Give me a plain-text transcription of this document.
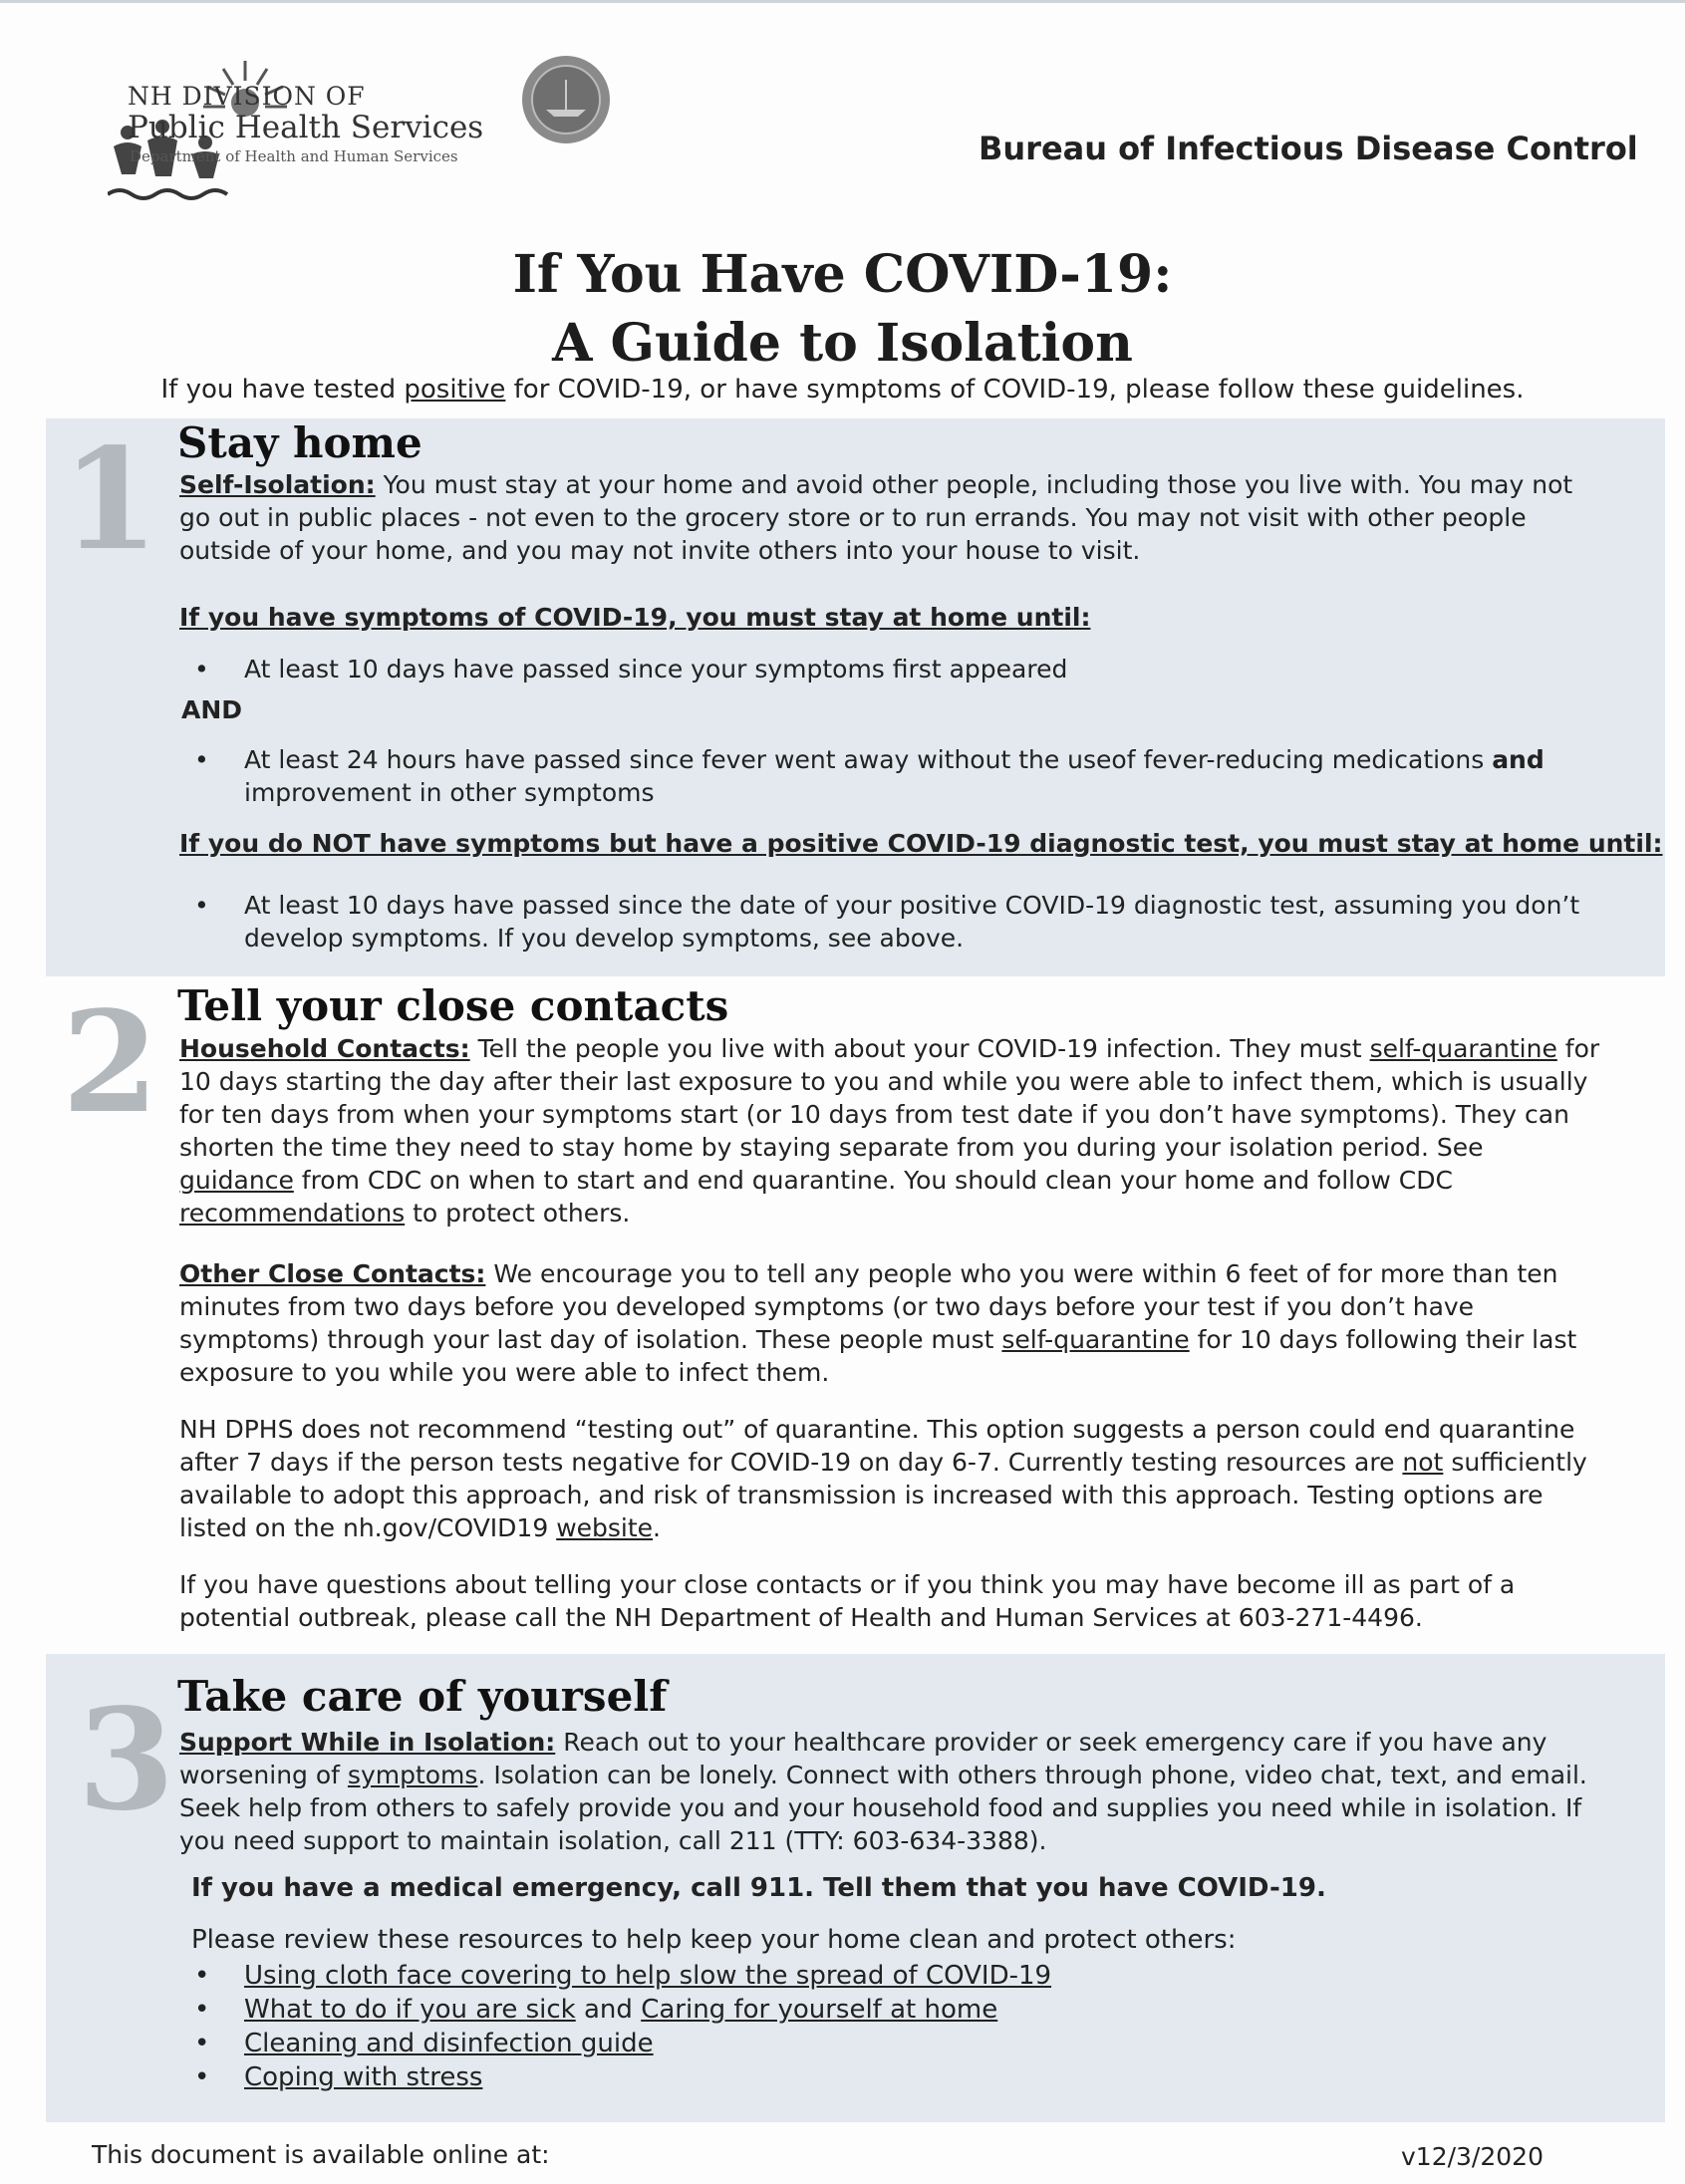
NH DIVISION OF
Public Health Services
Department of Health and Human Services	Bureau of Infectious Disease Control
If You Have COVID-19:
A Guide to Isolation
If you have tested positive for COVID-19, or have symptoms of COVID-19, please follow these guidelines.
1 Stay home
Self-Isolation: You must stay at your home and avoid other people, including those you live with. You may not go out in public places - not even to the grocery store or to run errands. You may not visit with other people outside of your home, and you may not invite others into your house to visit.
If you have symptoms of COVID-19, you must stay at home until:
• At least 10 days have passed since your symptoms first appeared
AND
• At least 24 hours have passed since fever went away without the useof fever-reducing medications and improvement in other symptoms
If you do NOT have symptoms but have a positive COVID-19 diagnostic test, you must stay at home until:
• At least 10 days have passed since the date of your positive COVID-19 diagnostic test, assuming you don’t develop symptoms. If you develop symptoms, see above.
2 Tell your close contacts
Household Contacts: Tell the people you live with about your COVID-19 infection. They must self-quarantine for 10 days starting the day after their last exposure to you and while you were able to infect them, which is usually for ten days from when your symptoms start (or 10 days from test date if you don’t have symptoms). They can shorten the time they need to stay home by staying separate from you during your isolation period. See guidance from CDC on when to start and end quarantine. You should clean your home and follow CDC recommendations to protect others.
Other Close Contacts: We encourage you to tell any people who you were within 6 feet of for more than ten minutes from two days before you developed symptoms (or two days before your test if you don’t have symptoms) through your last day of isolation. These people must self-quarantine for 10 days following their last exposure to you while you were able to infect them.
NH DPHS does not recommend “testing out” of quarantine. This option suggests a person could end quarantine after 7 days if the person tests negative for COVID-19 on day 6-7. Currently testing resources are not sufficiently available to adopt this approach, and risk of transmission is increased with this approach. Testing options are listed on the nh.gov/COVID19 website.
If you have questions about telling your close contacts or if you think you may have become ill as part of a potential outbreak, please call the NH Department of Health and Human Services at 603-271-4496.
3 Take care of yourself
Support While in Isolation: Reach out to your healthcare provider or seek emergency care if you have any worsening of symptoms. Isolation can be lonely. Connect with others through phone, video chat, text, and email. Seek help from others to safely provide you and your household food and supplies you need while in isolation. If you need support to maintain isolation, call 211 (TTY: 603-634-3388).
If you have a medical emergency, call 911. Tell them that you have COVID-19.
Please review these resources to help keep your home clean and protect others:
• Using cloth face covering to help slow the spread of COVID-19
• What to do if you are sick and Caring for yourself at home
• Cleaning and disinfection guide
• Coping with stress
This document is available online at:	v12/3/2020
